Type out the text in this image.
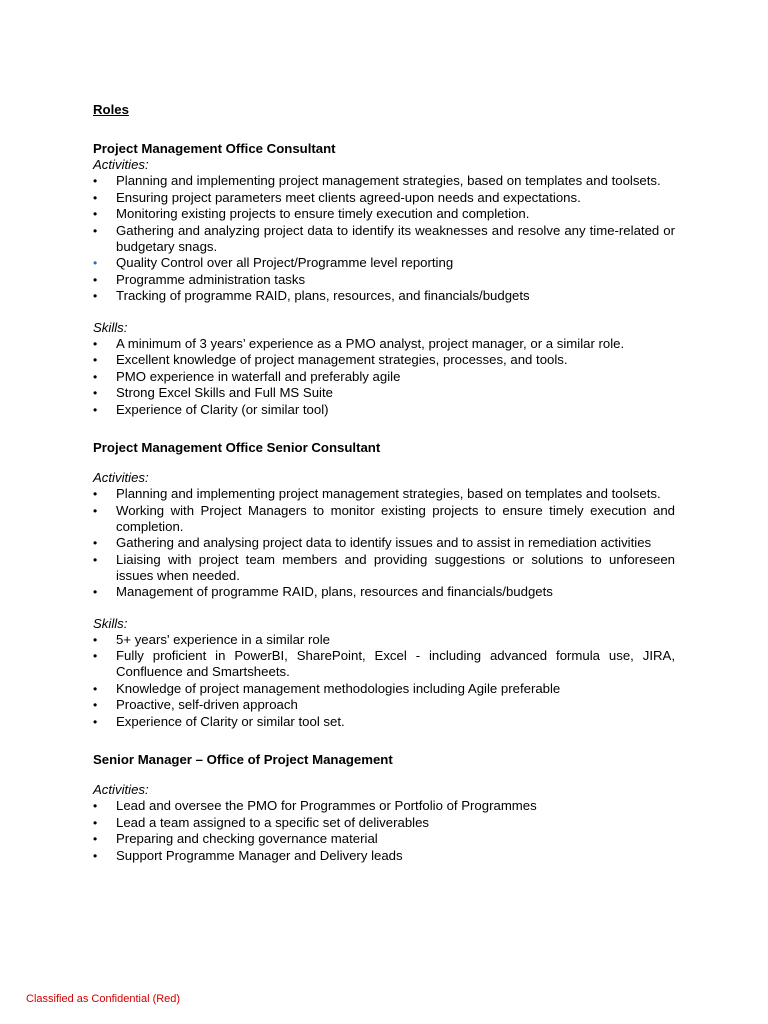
Roles

Project Management Office Consultant

Activities:

•	Planning and implementing project management strategies, based on templates and toolsets.
•	Ensuring project parameters meet clients agreed-upon needs and expectations.
•	Monitoring existing projects to ensure timely execution and completion.
•	Gathering and analyzing project data to identify its weaknesses and resolve any time-related or budgetary snags.
•	Quality Control over all Project/Programme level reporting
•	Programme administration tasks
•	Tracking of programme RAID, plans, resources, and financials/budgets

Skills:

•	A minimum of 3 years’ experience as a PMO analyst, project manager, or a similar role.
•	Excellent knowledge of project management strategies, processes, and tools.
•	PMO experience in waterfall and preferably agile
•	Strong Excel Skills and Full MS Suite
•	Experience of Clarity (or similar tool)

Project Management Office Senior Consultant

Activities:

•	Planning and implementing project management strategies, based on templates and toolsets.
•	Working with Project Managers to monitor existing projects to ensure timely execution and completion.
•	Gathering and analysing project data to identify issues and to assist in remediation activities
•	Liaising with project team members and providing suggestions or solutions to unforeseen issues when needed.
•	Management of programme RAID, plans, resources and financials/budgets

Skills:

•	5+ years' experience in a similar role
•	Fully proficient in PowerBI, SharePoint, Excel - including advanced formula use, JIRA, Confluence and Smartsheets.
•	Knowledge of project management methodologies including Agile preferable
•	Proactive, self-driven approach
•	Experience of Clarity or similar tool set.

Senior Manager – Office of Project Management

Activities:

•	Lead and oversee the PMO for Programmes or Portfolio of Programmes
•	Lead a team assigned to a specific set of deliverables
•	Preparing and checking governance material
•	Support Programme Manager and Delivery leads
Classified as Confidential (Red)
